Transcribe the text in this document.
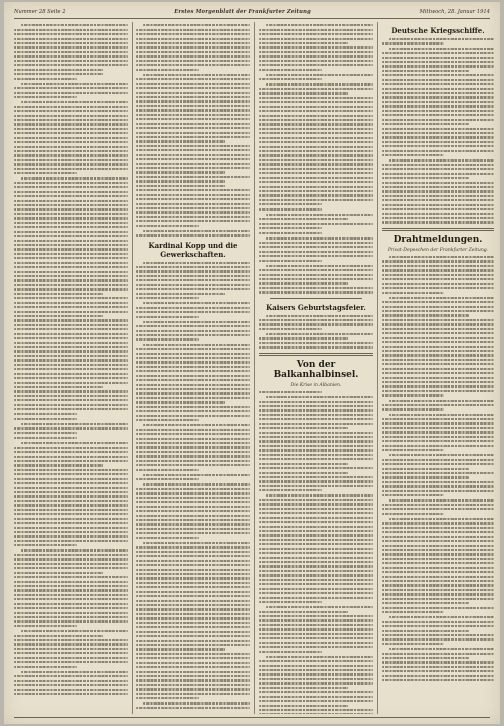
Nummer 28 Seite 2	Erstes Morgenblatt der Frankfurter Zeitung	Mittwoch, 28. Januar 1914
Kardinal Kopp und die Gewerkschaften.
Kaisers Geburtstagsfeier.
Von der Balkanhalbinsel.
Die Krise in Albanien.
Deutsche Kriegsschiffe.
Drahtmeldungen.
Privat-Depeschen der Frankfurter Zeitung.
